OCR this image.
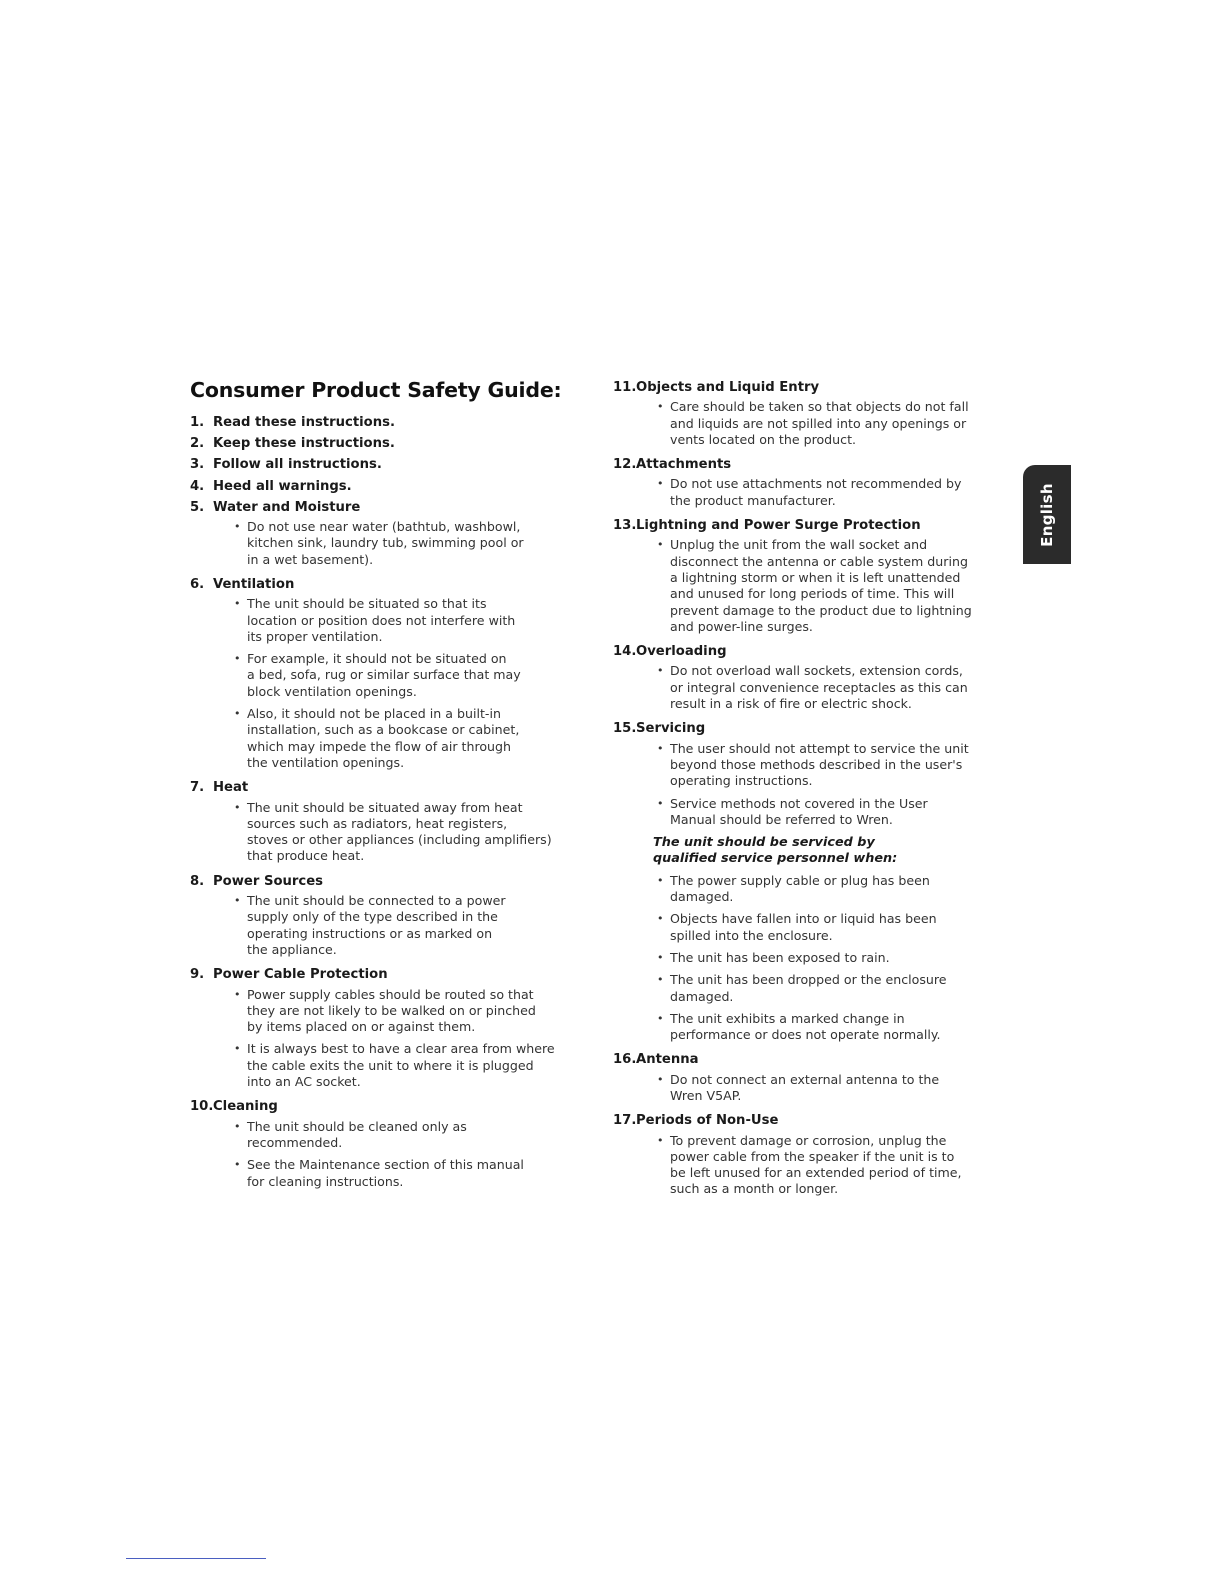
Consumer Product Safety Guide:
1. Read these instructions.
2. Keep these instructions.
3. Follow all instructions.
4. Heed all warnings.
5. Water and Moisture
• Do not use near water (bathtub, washbowl,
kitchen sink, laundry tub, swimming pool or
in a wet basement).
6. Ventilation
• The unit should be situated so that its
location or position does not interfere with
its proper ventilation.
• For example, it should not be situated on
a bed, sofa, rug or similar surface that may
block ventilation openings.
• Also, it should not be placed in a built-in
installation, such as a bookcase or cabinet,
which may impede the flow of air through
the ventilation openings.
7. Heat
• The unit should be situated away from heat
sources such as radiators, heat registers,
stoves or other appliances (including amplifiers)
that produce heat.
8. Power Sources
• The unit should be connected to a power
supply only of the type described in the
operating instructions or as marked on
the appliance.
9. Power Cable Protection
• Power supply cables should be routed so that
they are not likely to be walked on or pinched
by items placed on or against them.
• It is always best to have a clear area from where
the cable exits the unit to where it is plugged
into an AC socket.
10. Cleaning
• The unit should be cleaned only as
recommended.
• See the Maintenance section of this manual
for cleaning instructions.
11. Objects and Liquid Entry
• Care should be taken so that objects do not fall
and liquids are not spilled into any openings or
vents located on the product.
12. Attachments
• Do not use attachments not recommended by
the product manufacturer.
13. Lightning and Power Surge Protection
• Unplug the unit from the wall socket and
disconnect the antenna or cable system during
a lightning storm or when it is left unattended
and unused for long periods of time. This will
prevent damage to the product due to lightning
and power-line surges.
14. Overloading
• Do not overload wall sockets, extension cords,
or integral convenience receptacles as this can
result in a risk of fire or electric shock.
15. Servicing
• The user should not attempt to service the unit
beyond those methods described in the user's
operating instructions.
• Service methods not covered in the User
Manual should be referred to Wren.
The unit should be serviced by
qualified service personnel when:
• The power supply cable or plug has been
damaged.
• Objects have fallen into or liquid has been
spilled into the enclosure.
• The unit has been exposed to rain.
• The unit has been dropped or the enclosure
damaged.
• The unit exhibits a marked change in
performance or does not operate normally.
16. Antenna
• Do not connect an external antenna to the
Wren V5AP.
17. Periods of Non-Use
• To prevent damage or corrosion, unplug the
power cable from the speaker if the unit is to
be left unused for an extended period of time,
such as a month or longer.
English
